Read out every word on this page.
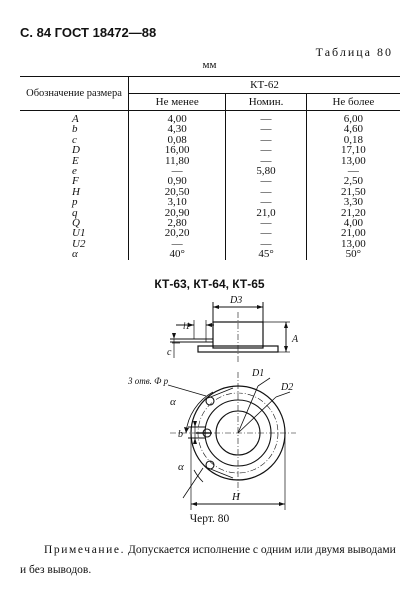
С. 84 ГОСТ 18472—88
Таблица 80
мм
Обозначение размера	КТ-62		
	Не менее	Номин.	Не более
A	4,00	—	6,00
b	4,30	—	4,60
c	0,08	—	0,18
D	16,00	—	17,10
E	11,80	—	13,00
e	—	5,80	—
F	0,90	—	2,50
H	20,50	—	21,50
p	3,10	—	3,30
q	20,90	21,0	21,20
Q	2,80	—	4,00
U1	20,20	—	21,00
U2	—	—	13,00
α	40°	45°	50°
КТ-63, КТ-64, КТ-65
D3
l1
A
c
3 отв. Ф p
D1
D2
α
α
b
H
Черт. 80
Примечание. Допускается исполнение с одним или двумя выводами и без выводов.
